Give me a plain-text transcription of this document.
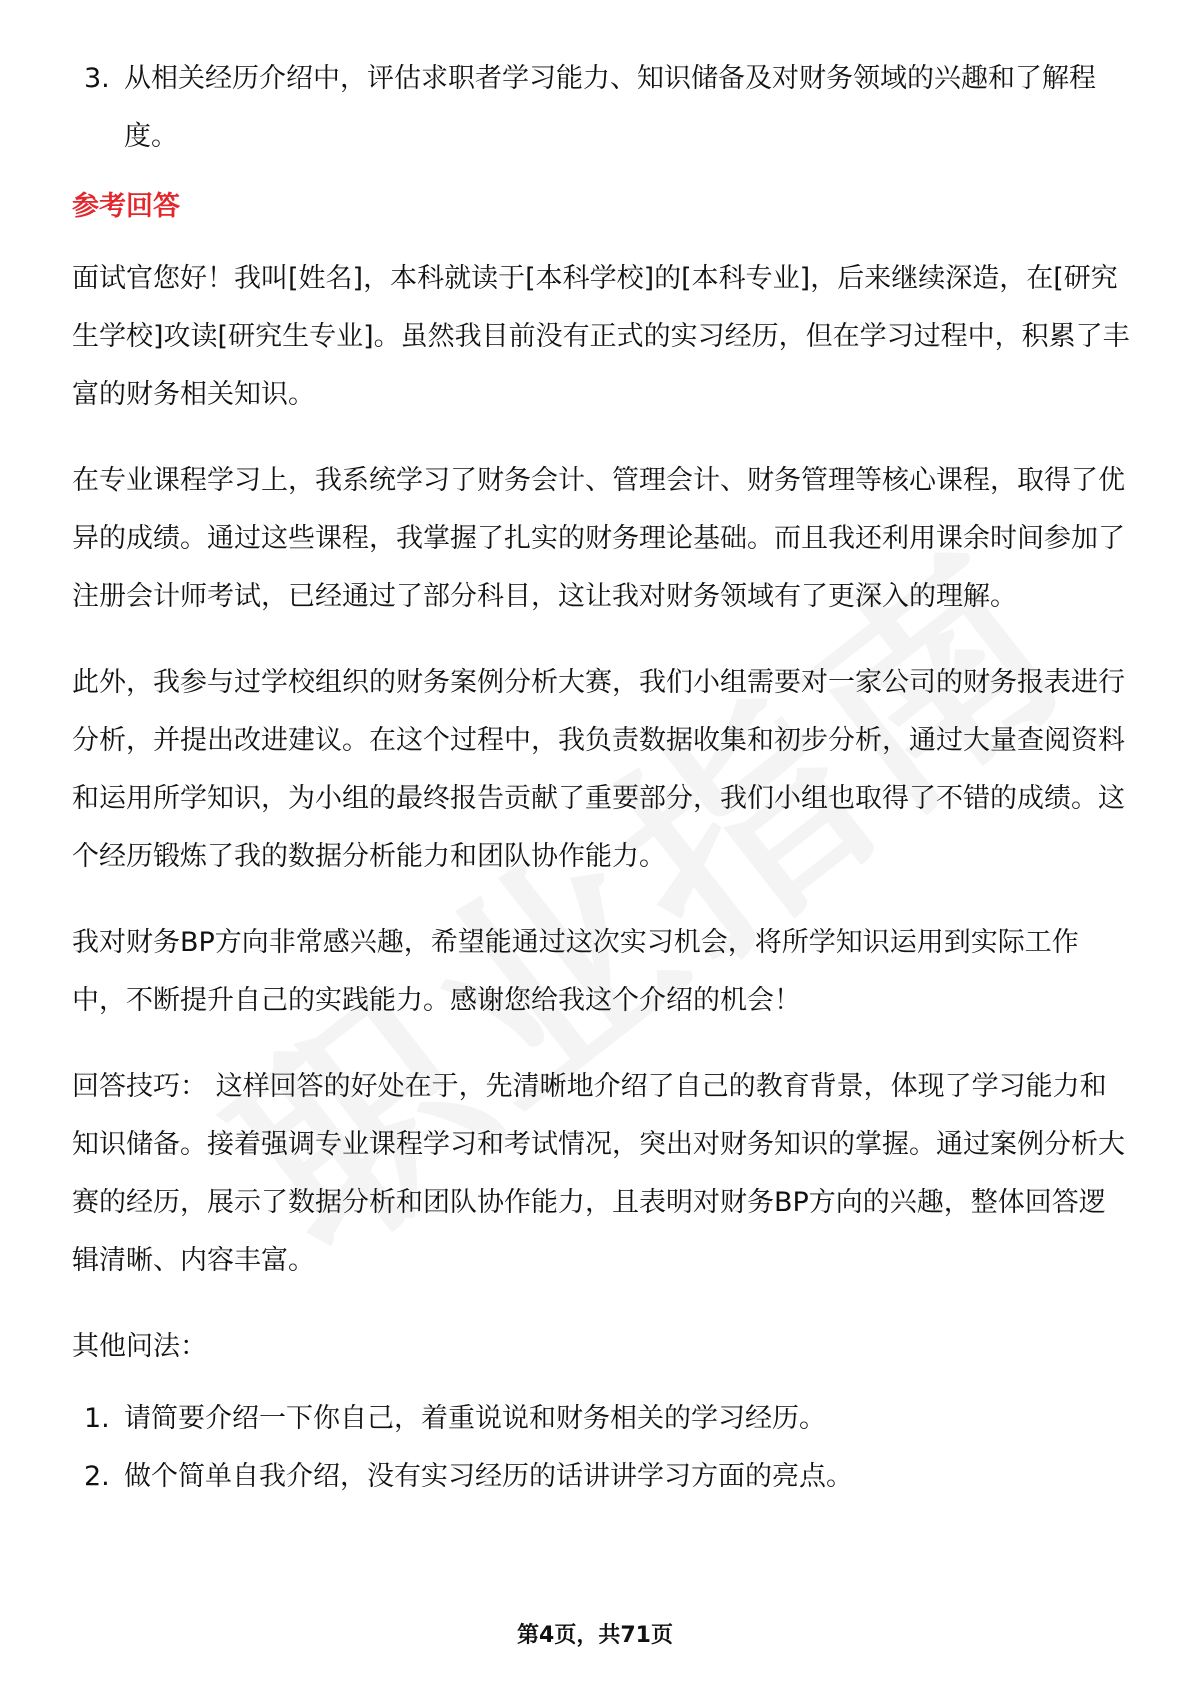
3. 从相关经历介绍中，评估求职者学习能力、知识储备及对财务领域的兴趣和了解程度。
参考回答

面试官您好！我叫[姓名]，本科就读于[本科学校]的[本科专业]，后来继续深造，在[研究生学校]攻读[研究生专业]。虽然我目前没有正式的实习经历，但在学习过程中，积累了丰富的财务相关知识。

在专业课程学习上，我系统学习了财务会计、管理会计、财务管理等核心课程，取得了优异的成绩。通过这些课程，我掌握了扎实的财务理论基础。而且我还利用课余时间参加了注册会计师考试，已经通过了部分科目，这让我对财务领域有了更深入的理解。

此外，我参与过学校组织的财务案例分析大赛，我们小组需要对一家公司的财务报表进行分析，并提出改进建议。在这个过程中，我负责数据收集和初步分析，通过大量查阅资料和运用所学知识，为小组的最终报告贡献了重要部分，我们小组也取得了不错的成绩。这个经历锻炼了我的数据分析能力和团队协作能力。

我对财务BP方向非常感兴趣，希望能通过这次实习机会，将所学知识运用到实际工作中，不断提升自己的实践能力。感谢您给我这个介绍的机会！

回答技巧： 这样回答的好处在于，先清晰地介绍了自己的教育背景，体现了学习能力和知识储备。接着强调专业课程学习和考试情况，突出对财务知识的掌握。通过案例分析大赛的经历，展示了数据分析和团队协作能力，且表明对财务BP方向的兴趣，整体回答逻辑清晰、内容丰富。

其他问法：

1. 请简要介绍一下你自己，着重说说和财务相关的学习经历。
2. 做个简单自我介绍，没有实习经历的话讲讲学习方面的亮点。
第4页，共71页
